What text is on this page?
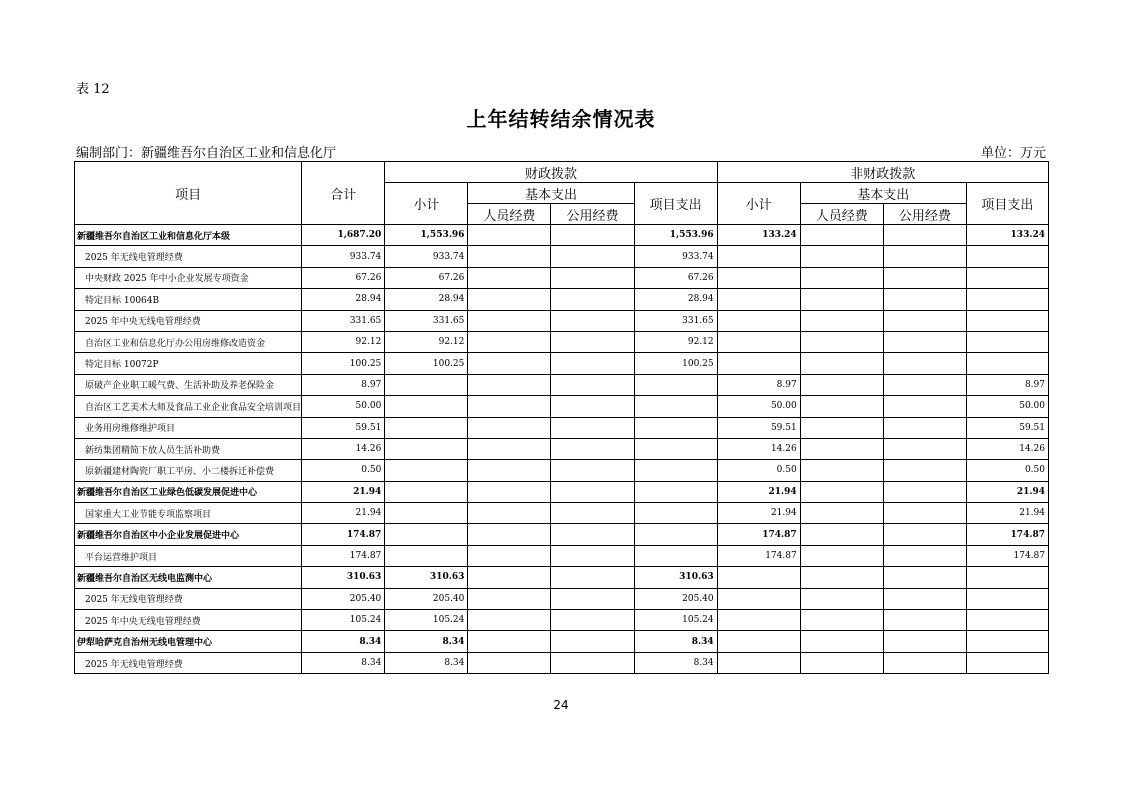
表 12
上年结转结余情况表
编制部门：新疆维吾尔自治区工业和信息化厅	单位：万元
项目	合计	财政拨款				非财政拨款			
		小计	基本支出		项目支出	小计	基本支出		项目支出
			人员经费	公用经费			人员经费	公用经费	
新疆维吾尔自治区工业和信息化厅本级	1,687.20	1,553.96			1,553.96	133.24			133.24
2025 年无线电管理经费	933.74	933.74			933.74				
中央财政 2025 年中小企业发展专项资金	67.26	67.26			67.26				
特定目标 10064B	28.94	28.94			28.94				
2025 年中央无线电管理经费	331.65	331.65			331.65				
自治区工业和信息化厅办公用房维修改造资金	92.12	92.12			92.12				
特定目标 10072P	100.25	100.25			100.25				
原破产企业职工暖气费、生活补助及养老保险金	8.97					8.97			8.97
自治区工艺美术大师及食品工业企业食品安全培训项目	50.00					50.00			50.00
业务用房维修维护项目	59.51					59.51			59.51
新纺集团精简下放人员生活补助费	14.26					14.26			14.26
原新疆建材陶瓷厂职工平房、小二楼拆迁补偿费	0.50					0.50			0.50
新疆维吾尔自治区工业绿色低碳发展促进中心	21.94					21.94			21.94
国家重大工业节能专项监察项目	21.94					21.94			21.94
新疆维吾尔自治区中小企业发展促进中心	174.87					174.87			174.87
平台运营维护项目	174.87					174.87			174.87
新疆维吾尔自治区无线电监测中心	310.63	310.63			310.63				
2025 年无线电管理经费	205.40	205.40			205.40				
2025 年中央无线电管理经费	105.24	105.24			105.24				
伊犁哈萨克自治州无线电管理中心	8.34	8.34			8.34				
2025 年无线电管理经费	8.34	8.34			8.34				
24
